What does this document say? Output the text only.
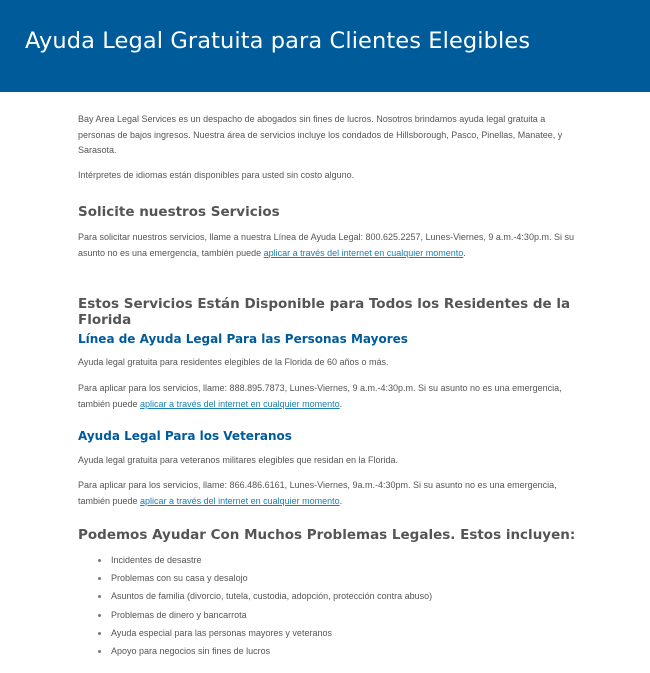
Ayuda Legal Gratuita para Clientes Elegibles

Bay Area Legal Services es un despacho de abogados sin fines de lucros. Nosotros brindamos ayuda legal gratuita a personas de bajos ingresos. Nuestra área de servicios incluye los condados de Hillsborough, Pasco, Pinellas, Manatee, y Sarasota.

Intérpretes de idiomas están disponibles para usted sin costo alguno.

Solicite nuestros Servicios

Para solicitar nuestros servicios, llame a nuestra Línea de Ayuda Legal: 800.625.2257, Lunes-Viernes, 9 a.m.-4:30p.m. Si su asunto no es una emergencia, también puede aplicar a través del internet en cualquier momento.

Estos Servicios Están Disponible para Todos los Residentes de la Florida
Línea de Ayuda Legal Para las Personas Mayores

Ayuda legal gratuita para residentes elegibles de la Florida de 60 años o más.

Para aplicar para los servicios, llame: 888.895.7873, Lunes-Viernes, 9 a.m.-4:30p.m. Si su asunto no es una emergencia, también puede aplicar a través del internet en cualquier momento.

Ayuda Legal Para los Veteranos

Ayuda legal gratuita para veteranos militares elegibles que residan en la Florida.

Para aplicar para los servicios, llame: 866.486.6161, Lunes-Viernes, 9a.m.-4:30pm. Si su asunto no es una emergencia, también puede aplicar a través del internet en cualquier momento.

Podemos Ayudar Con Muchos Problemas Legales. Estos incluyen:
Incidentes de desastre
Problemas con su casa y desalojo
Asuntos de familia (divorcio, tutela, custodia, adopción, protección contra abuso)
Problemas de dinero y bancarrota
Ayuda especial para las personas mayores y veteranos
Apoyo para negocios sin fines de lucros
